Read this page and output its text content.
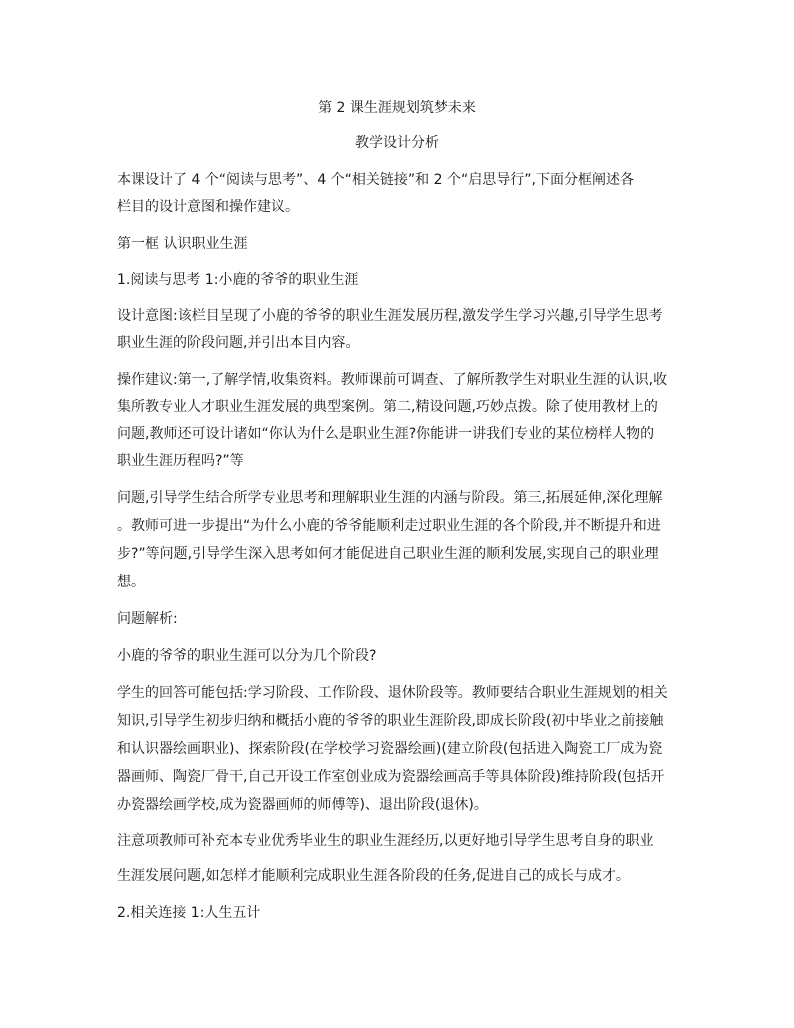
第 2 课生涯规划筑梦未来
教学设计分析
本课设计了 4 个“阅读与思考”、4 个“相关链接”和 2 个“启思导行”,下面分框阐述各
栏目的设计意图和操作建议。
第一框 认识职业生涯
1.阅读与思考 1:小鹿的爷爷的职业生涯
设计意图:该栏目呈现了小鹿的爷爷的职业生涯发展历程,激发学生学习兴趣,引导学生思考
职业生涯的阶段问题,并引出本目内容。
操作建议:第一,了解学情,收集资料。教师课前可调查、了解所教学生对职业生涯的认识,收
集所教专业人才职业生涯发展的典型案例。第二,精设问题,巧妙点拨。除了使用教材上的
问题,教师还可设计诸如“你认为什么是职业生涯?你能讲一讲我们专业的某位榜样人物的
职业生涯历程吗?”等
问题,引导学生结合所学专业思考和理解职业生涯的内涵与阶段。第三,拓展延伸,深化理解
。教师可进一步提出“为什么小鹿的爷爷能顺利走过职业生涯的各个阶段,并不断提升和进
步?”等问题,引导学生深入思考如何才能促进自己职业生涯的顺利发展,实现自己的职业理
想。
问题解析:
小鹿的爷爷的职业生涯可以分为几个阶段?
学生的回答可能包括:学习阶段、工作阶段、退休阶段等。教师要结合职业生涯规划的相关
知识,引导学生初步归纳和概括小鹿的爷爷的职业生涯阶段,即成长阶段(初中毕业之前接触
和认识器绘画职业)、探索阶段(在学校学习瓷器绘画)(建立阶段(包括进入陶瓷工厂成为瓷
器画师、陶瓷厂骨干,自己开设工作室创业成为瓷器绘画高手等具体阶段)维持阶段(包括开
办瓷器绘画学校,成为瓷器画师的师傅等)、退出阶段(退休)。
注意项教师可补充本专业优秀毕业生的职业生涯经历,以更好地引导学生思考自身的职业
生涯发展问题,如怎样才能顺利完成职业生涯各阶段的任务,促进自己的成长与成才。
2.相关连接 1:人生五计
